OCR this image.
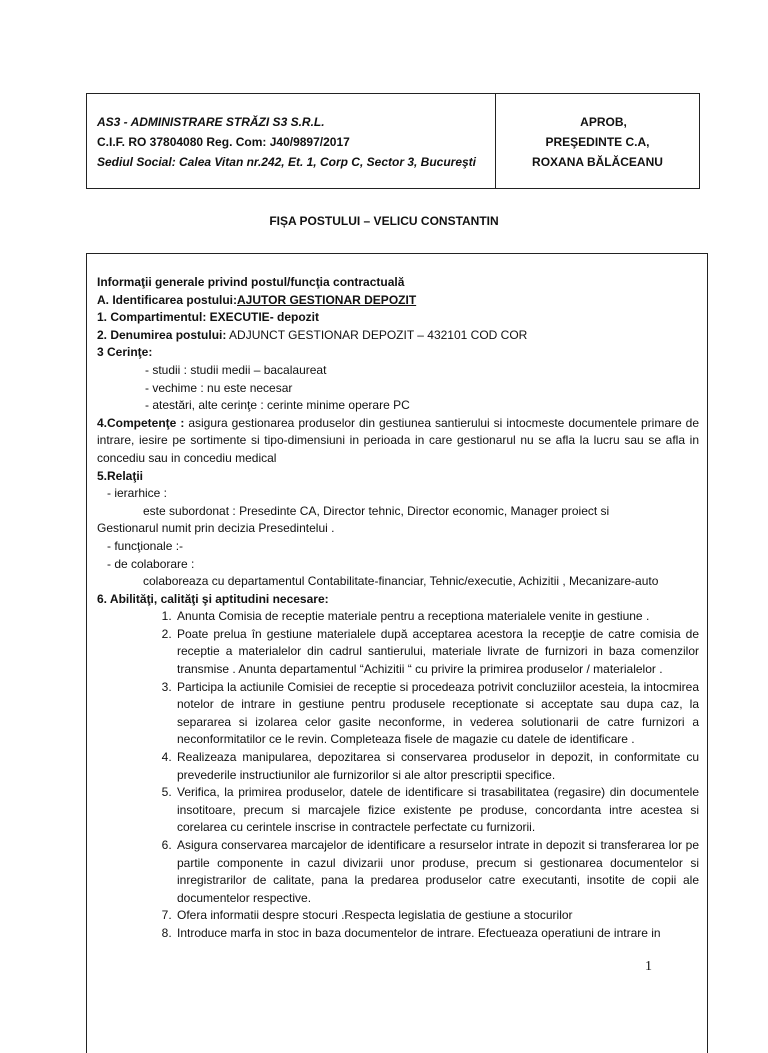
AS3 - ADMINISTRARE STRĂZI S3 S.R.L.
C.I.F. RO 37804080 Reg. Com: J40/9897/2017
Sediul Social: Calea Vitan nr.242, Et. 1, Corp C, Sector 3, Bucureşti
APROB,
PREŞEDINTE C.A,
ROXANA BĂLĂCEANU
FIȘA POSTULUI – VELICU CONSTANTIN
Informaţii generale privind postul/funcţia contractuală
A. Identificarea postului:AJUTOR GESTIONAR DEPOZIT
1. Compartimentul: EXECUTIE- depozit
2. Denumirea postului: ADJUNCT GESTIONAR DEPOZIT – 432101 COD COR
3 Cerinţe:
- studii : studii medii – bacalaureat
- vechime : nu este necesar
- atestări, alte cerinţe : cerinte minime operare PC
4.Competenţe : asigura gestionarea produselor din gestiunea santierului si intocmeste documentele primare de intrare, iesire pe sortimente si tipo-dimensiuni in perioada in care gestionarul nu se afla la lucru sau se afla in concediu sau in concediu medical
5.Relaţii
- ierarhice :
este subordonat : Presedinte CA, Director tehnic, Director economic, Manager proiect si
Gestionarul numit prin decizia Presedintelui .
- funcţionale :-
- de colaborare :
colaboreaza cu departamentul Contabilitate-financiar, Tehnic/executie, Achizitii , Mecanizare-auto
6. Abilităţi, calităţi şi aptitudini necesare:
1. Anunta Comisia de receptie materiale pentru a receptiona materialele venite in gestiune .
2. Poate prelua în gestiune materialele după acceptarea acestora la recepţie de catre comisia de receptie a materialelor din cadrul santierului, materiale livrate de furnizori in baza comenzilor transmise . Anunta departamentul “Achizitii “ cu privire la primirea produselor / materialelor .
3. Participa la actiunile Comisiei de receptie si procedeaza potrivit concluziilor acesteia, la intocmirea notelor de intrare in gestiune pentru produsele receptionate si acceptate sau dupa caz, la separarea si izolarea celor gasite neconforme, in vederea solutionarii de catre furnizori a neconformitatilor ce le revin. Completeaza fisele de magazie cu datele de identificare .
4. Realizeaza manipularea, depozitarea si conservarea produselor in depozit, in conformitate cu prevederile instructiunilor ale furnizorilor si ale altor prescriptii specifice.
5. Verifica, la primirea produselor, datele de identificare si trasabilitatea (regasire) din documentele insotitoare, precum si marcajele fizice existente pe produse, concordanta intre acestea si corelarea cu cerintele inscrise in contractele perfectate cu furnizorii.
6. Asigura conservarea marcajelor de identificare a resurselor intrate in depozit si transferarea lor pe partile componente in cazul divizarii unor produse, precum si gestionarea documentelor si inregistrarilor de calitate, pana la predarea produselor catre executanti, insotite de copii ale documentelor respective.
7. Ofera informatii despre stocuri .Respecta legislatia de gestiune a stocurilor
8. Introduce marfa in stoc in baza documentelor de intrare. Efectueaza operatiuni de intrare in
1
